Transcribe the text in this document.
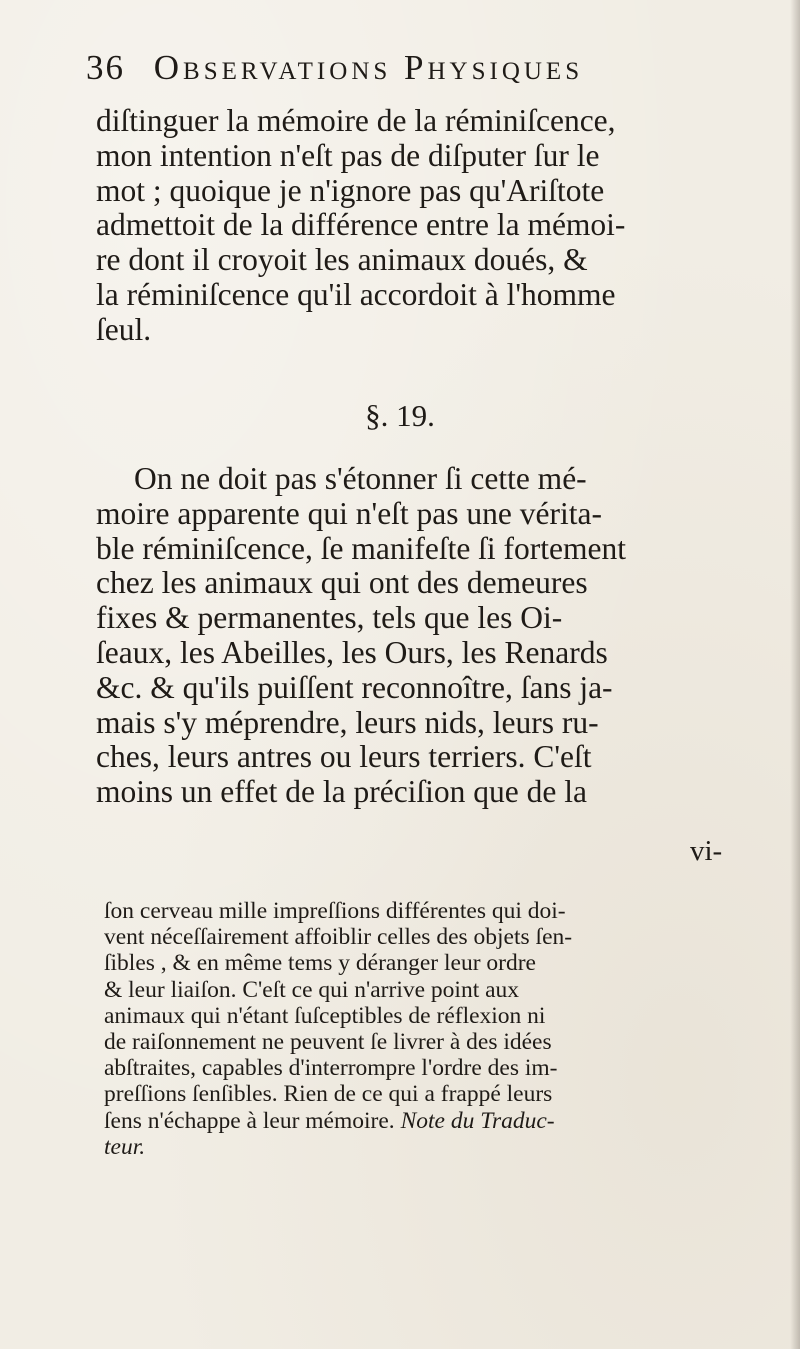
36 Observations Physiques
diſtinguer la mémoire de la réminiſcence,
mon intention n'eſt pas de diſputer ſur le
mot ; quoique je n'ignore pas qu'Ariſtote
admettoit de la différence entre la mémoi-
re dont il croyoit les animaux doués, &
la réminiſcence qu'il accordoit à l'homme
ſeul.
§. 19.
On ne doit pas s'étonner ſi cette mé-
moire apparente qui n'eſt pas une vérita-
ble réminiſcence, ſe manifeſte ſi fortement
chez les animaux qui ont des demeures
fixes & permanentes, tels que les Oi-
ſeaux, les Abeilles, les Ours, les Renards
&c. & qu'ils puiſſent reconnoître, ſans ja-
mais s'y méprendre, leurs nids, leurs ru-
ches, leurs antres ou leurs terriers. C'eſt
moins un effet de la préciſion que de la
vi-
ſon cerveau mille impreſſions différentes qui doi-
vent néceſſairement affoiblir celles des objets ſen-
ſibles , & en même tems y déranger leur ordre
& leur liaiſon. C'eſt ce qui n'arrive point aux
animaux qui n'étant ſuſceptibles de réflexion ni
de raiſonnement ne peuvent ſe livrer à des idées
abſtraites, capables d'interrompre l'ordre des im-
preſſions ſenſibles. Rien de ce qui a frappé leurs
ſens n'échappe à leur mémoire. Note du Traduc-
teur.
